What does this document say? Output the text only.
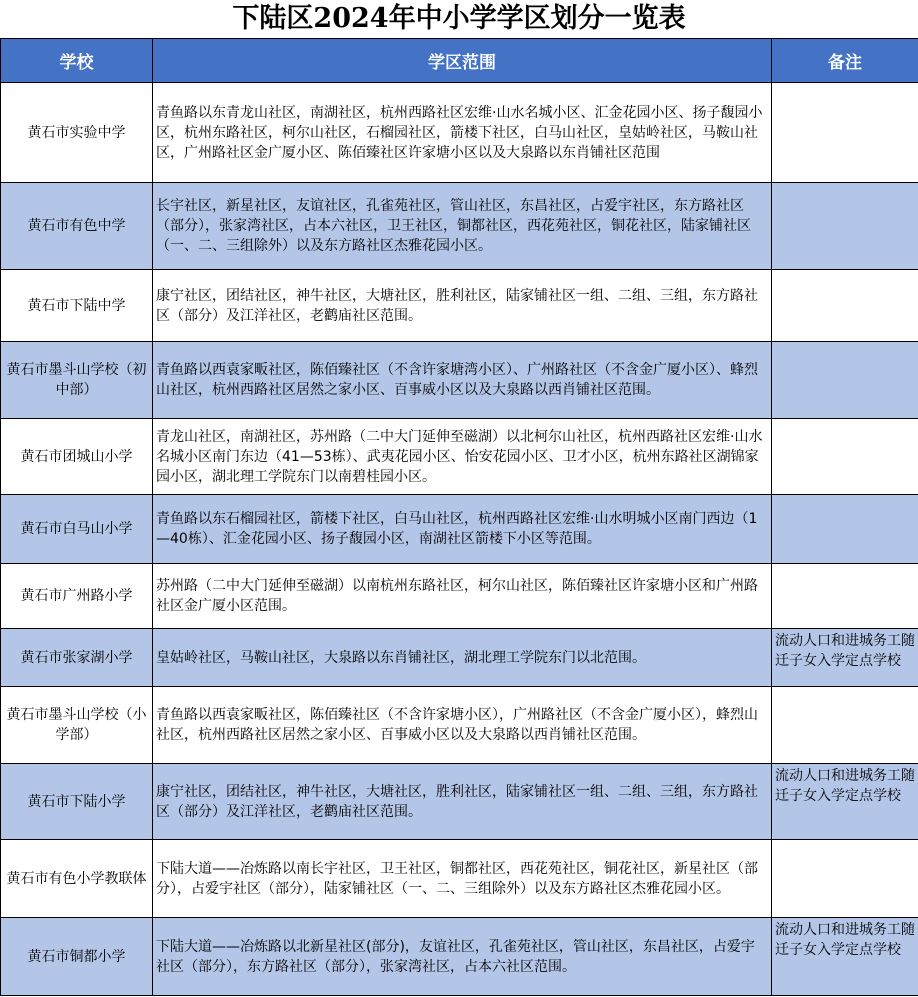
下陆区2024年中小学学区划分一览表
学校	学区范围	备注
黄石市实验中学	青鱼路以东青龙山社区，南湖社区，杭州西路社区宏维·山水名城小区、汇金花园小区、扬子馥园小区，杭州东路社区，柯尔山社区，石榴园社区，箭楼下社区，白马山社区，皇姑岭社区，马鞍山社区，广州路社区金广厦小区、陈佰臻社区许家塘小区以及大泉路以东肖铺社区范围	
黄石市有色中学	长宇社区，新星社区，友谊社区，孔雀苑社区，管山社区，东昌社区，占爱宇社区，东方路社区（部分），张家湾社区，占本六社区，卫王社区，铜都社区，西花苑社区，铜花社区，陆家铺社区（一、二、三组除外）以及东方路社区杰雅花园小区。	
黄石市下陆中学	康宁社区，团结社区，神牛社区，大塘社区，胜利社区，陆家铺社区一组、二组、三组，东方路社区（部分）及江洋社区，老鹳庙社区范围。	
黄石市墨斗山学校（初中部）	青鱼路以西袁家畈社区，陈佰臻社区（不含许家塘湾小区）、广州路社区（不含金广厦小区）、蜂烈山社区，杭州西路社区居然之家小区、百事威小区以及大泉路以西肖铺社区范围。	
黄石市团城山小学	青龙山社区，南湖社区，苏州路（二中大门延伸至磁湖）以北柯尔山社区，杭州西路社区宏维·山水名城小区南门东边（41—53栋）、武夷花园小区、怡安花园小区、卫才小区，杭州东路社区湖锦家园小区，湖北理工学院东门以南碧桂园小区。	
黄石市白马山小学	青鱼路以东石榴园社区，箭楼下社区，白马山社区，杭州西路社区宏维·山水明城小区南门西边（1—40栋）、汇金花园小区、扬子馥园小区，南湖社区箭楼下小区等范围。	
黄石市广州路小学	苏州路（二中大门延伸至磁湖）以南杭州东路社区，柯尔山社区，陈佰臻社区许家塘小区和广州路社区金广厦小区范围。	
黄石市张家湖小学	皇姑岭社区，马鞍山社区，大泉路以东肖铺社区，湖北理工学院东门以北范围。	流动人口和进城务工随迁子女入学定点学校
黄石市墨斗山学校（小学部）	青鱼路以西袁家畈社区，陈佰臻社区（不含许家塘小区），广州路社区（不含金广厦小区），蜂烈山社区，杭州西路社区居然之家小区、百事威小区以及大泉路以西肖铺社区范围。	
黄石市下陆小学	康宁社区，团结社区，神牛社区，大塘社区，胜利社区，陆家铺社区一组、二组、三组，东方路社区（部分）及江洋社区，老鹳庙社区范围。	流动人口和进城务工随迁子女入学定点学校
黄石市有色小学教联体	下陆大道——冶炼路以南长宇社区，卫王社区，铜都社区，西花苑社区，铜花社区，新星社区（部分），占爱宇社区（部分），陆家铺社区（一、二、三组除外）以及东方路社区杰雅花园小区。	
黄石市铜都小学	下陆大道——冶炼路以北新星社区(部分)，友谊社区，孔雀苑社区，管山社区，东昌社区，占爱宇社区（部分），东方路社区（部分），张家湾社区，占本六社区范围。	流动人口和进城务工随迁子女入学定点学校
